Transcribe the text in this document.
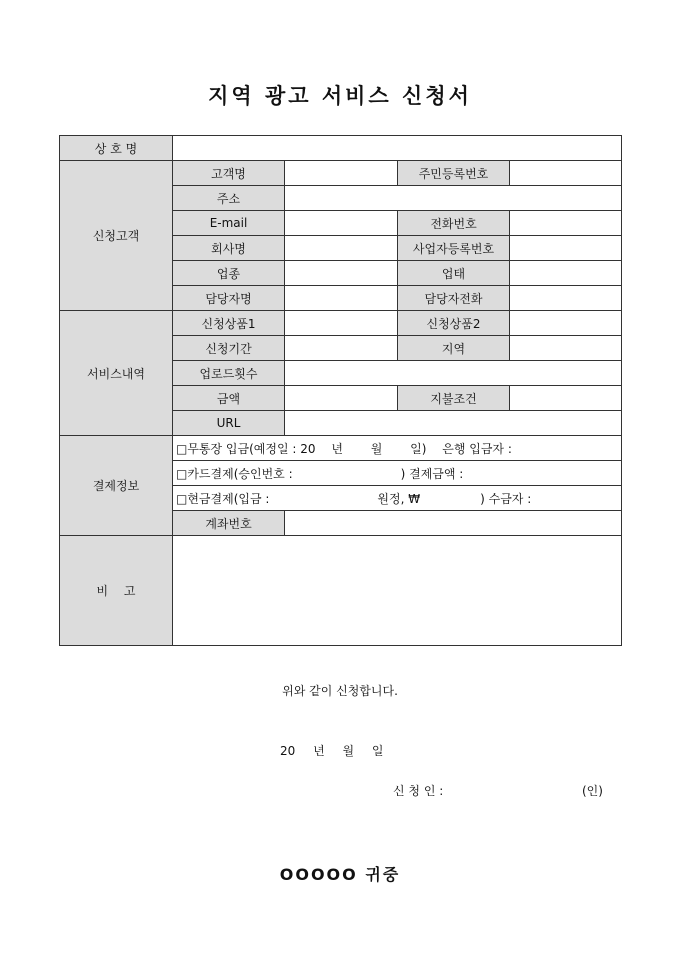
지역 광고 서비스 신청서
상 호 명				
신청고객	고객명		주민등록번호	
	주소			
	E-mail		전화번호	
	회사명		사업자등록번호	
	업종		업태	
	담당자명		담당자전화	
서비스내역	신청상품1		신청상품2	
	신청기간		지역	
	업로드횟수			
	금액		지불조건	
	URL			
결제정보	□무통장 입금(예정일 : 20　 년　 　월　 　일)　 은행 입금자 :			
	□카드결제(승인번호 :　　　　　　　　　) 결제금액 :			
	□현금결제(입금 :　　　　　　　　　원정, ₩　　　　　) 수금자 :			
	계좌번호			
비　 고				
위와 같이 신청합니다.
20 년 월 일
신 청 인 :	(인)
OOOOO 귀중
